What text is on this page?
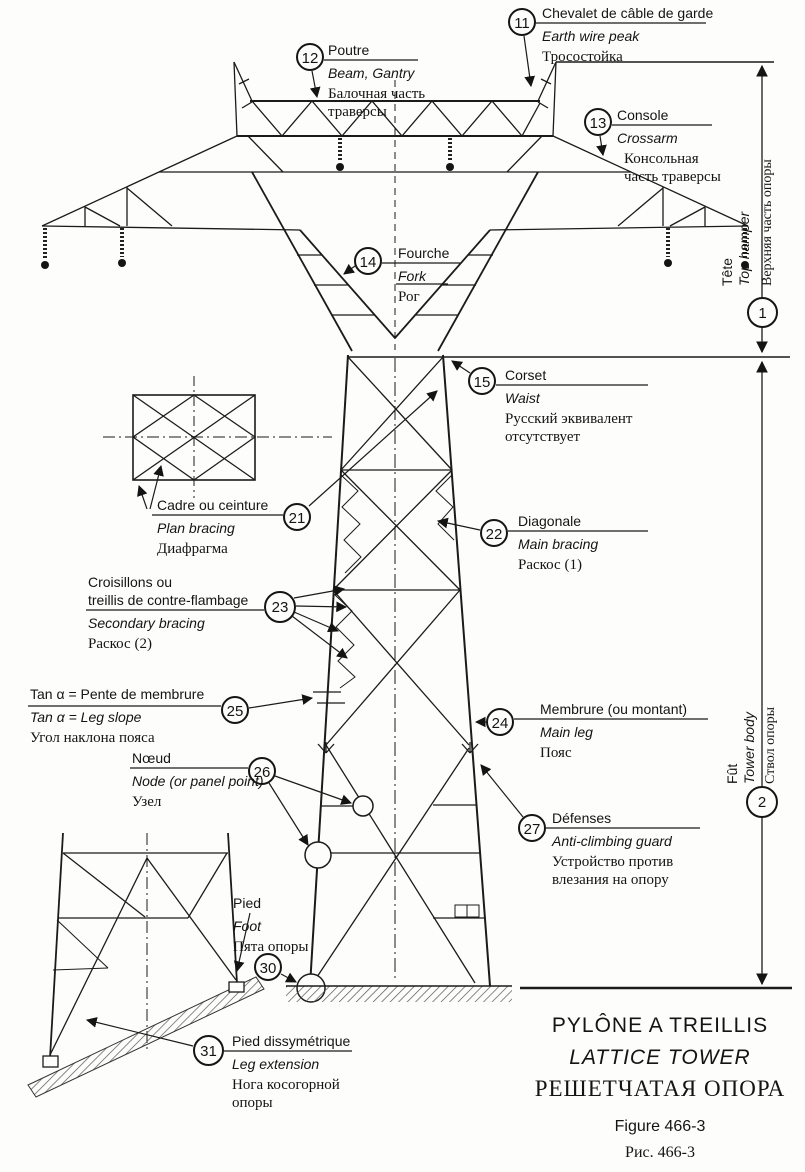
11
12
13
14
15
21
22
23
24
25
26
27
30
31
1
2
Chevalet de câble de garde
Earth wire peak
Тросостойка
Poutre
Beam, Gantry
Балочная часть
траверсы	Console
Crossarm
Консольная
часть траверсы
Fourche
Fork
Рог
Corset
Waist
Русский эквивалент
отсутствует
Cadre ou ceinture
Plan bracing
Диафрагма
Diagonale
Main bracing
Раскос (1)
Croisillons ou
treillis de contre-flambage
Secondary bracing
Раскос (2)
Membrure (ou montant)
Main leg
Пояс
Tan α = Pente de membrure
Tan α = Leg slope
Угол наклона пояса
Nœud
Node (or panel point)
Узел
Défenses
Anti-climbing guard
Устройство против
влезания на опору
Pied
Foot
Пята опоры
Pied dissymétrique
Leg extension
Нога косогорной
опоры
Tête Top hamper Верхняя часть опоры
Fût Tower body Ствол опоры
PYLÔNE A TREILLIS
LATTICE TOWER
РЕШЕТЧАТАЯ ОПОРА
Figure 466-3
Рис. 466-3
